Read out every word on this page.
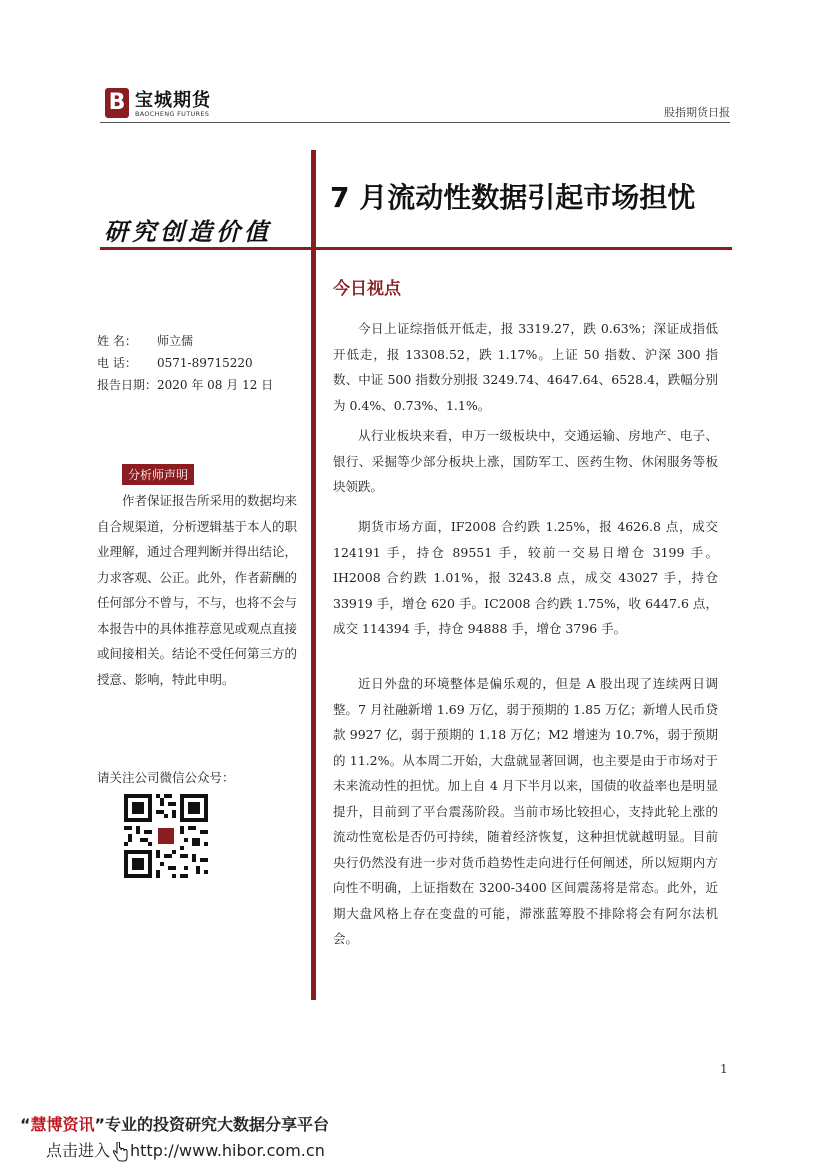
B 宝城期货
BAOCHENG FUTURES	股指期货日报
研究创造价值
7 月流动性数据引起市场担忧
姓 名： 师立儒
电 话： 0571-89715220
报告日期：2020 年 08 月 12 日
分析师声明
作者保证报告所采用的数据均来自合规渠道，分析逻辑基于本人的职业理解，通过合理判断并得出结论，力求客观、公正。此外，作者薪酬的任何部分不曾与，不与，也将不会与本报告中的具体推荐意见或观点直接或间接相关。结论不受任何第三方的授意、影响，特此申明。
请关注公司微信公众号：
今日视点
今日上证综指低开低走，报 3319.27，跌 0.63%；深证成指低开低走，报 13308.52，跌 1.17%。上证 50 指数、沪深 300 指数、中证 500 指数分别报 3249.74、4647.64、6528.4，跌幅分别为 0.4%、0.73%、1.1%。
从行业板块来看，申万一级板块中，交通运输、房地产、电子、银行、采掘等少部分板块上涨，国防军工、医药生物、休闲服务等板块领跌。
期货市场方面，IF2008 合约跌 1.25%，报 4626.8 点，成交 124191 手，持仓 89551 手，较前一交易日增仓 3199 手。IH2008 合约跌 1.01%，报 3243.8 点，成交 43027 手，持仓 33919 手，增仓 620 手。IC2008 合约跌 1.75%，收 6447.6 点，成交 114394 手，持仓 94888 手，增仓 3796 手。
近日外盘的环境整体是偏乐观的，但是 A 股出现了连续两日调整。7 月社融新增 1.69 万亿，弱于预期的 1.85 万亿；新增人民币贷款 9927 亿，弱于预期的 1.18 万亿；M2 增速为 10.7%，弱于预期的 11.2%。从本周二开始，大盘就显著回调，也主要是由于市场对于未来流动性的担忧。加上自 4 月下半月以来，国债的收益率也是明显提升，目前到了平台震荡阶段。当前市场比较担心，支持此轮上涨的流动性宽松是否仍可持续，随着经济恢复，这种担忧就越明显。目前央行仍然没有进一步对货币趋势性走向进行任何阐述，所以短期内方向性不明确，上证指数在 3200-3400 区间震荡将是常态。此外，近期大盘风格上存在变盘的可能，滞涨蓝筹股不排除将会有阿尔法机会。
1
“慧博资讯”专业的投资研究大数据分享平台
点击进入 http://www.hibor.com.cn
